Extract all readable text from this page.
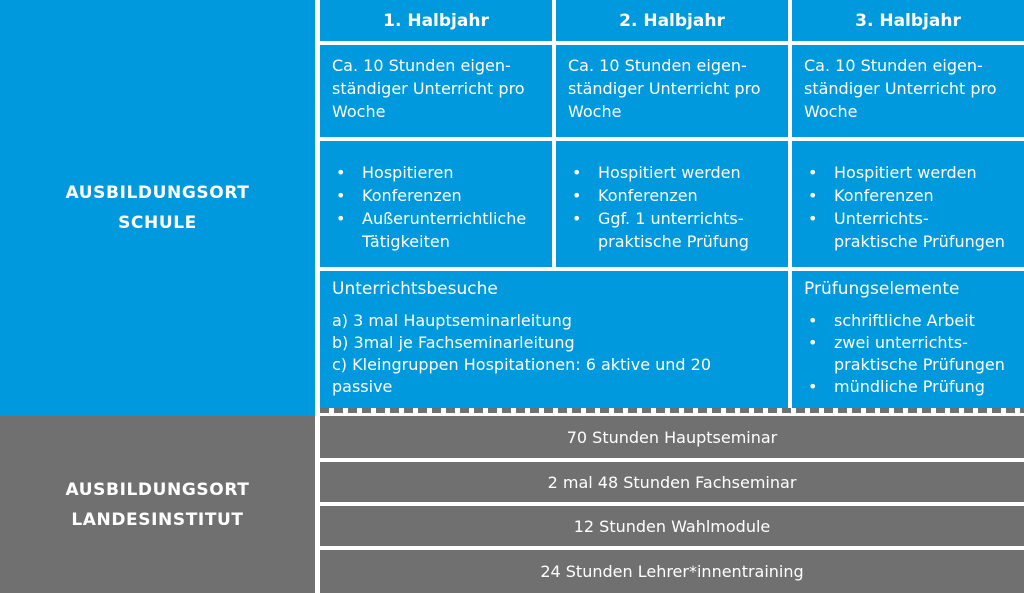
AUSBILDUNGSORT
SCHULE
AUSBILDUNGSORT
LANDESINSTITUT
1. Halbjahr	2. Halbjahr	3. Halbjahr
Ca. 10 Stunden eigen-
ständiger Unterricht pro
Woche
Ca. 10 Stunden eigen-
ständiger Unterricht pro
Woche
Ca. 10 Stunden eigen-
ständiger Unterricht pro
Woche
• Hospitieren
• Konferenzen
• Außerunterrichtliche
Tätigkeiten
• Hospitiert werden
• Konferenzen
• Ggf. 1 unterrichts-
praktische Prüfung
• Hospitiert werden
• Konferenzen
• Unterrichts-
praktische Prüfungen
Unterrichtsbesuche
a) 3 mal Hauptseminarleitung
b) 3mal je Fachseminarleitung
c) Kleingruppen Hospitationen: 6 aktive und 20 passive
Prüfungselemente
• schriftliche Arbeit
• zwei unterrichts-
praktische Prüfungen
• mündliche Prüfung
70 Stunden Hauptseminar
2 mal 48 Stunden Fachseminar
12 Stunden Wahlmodule
24 Stunden Lehrer*innentraining
